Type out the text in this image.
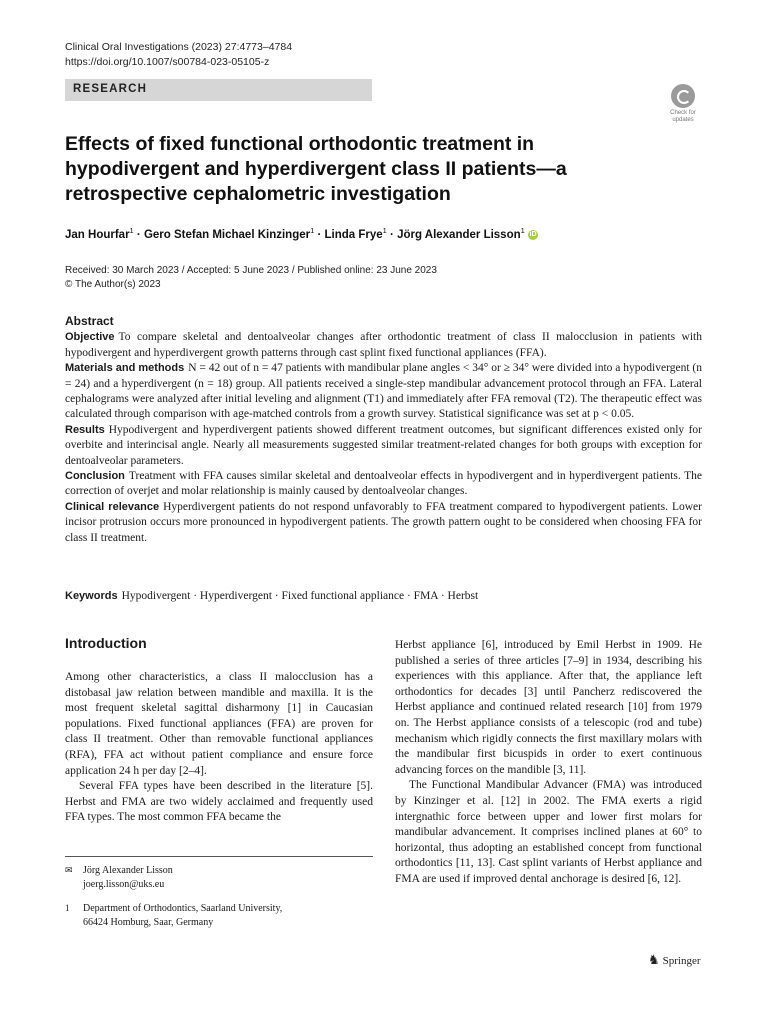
Clinical Oral Investigations (2023) 27:4773–4784
https://doi.org/10.1007/s00784-023-05105-z
RESEARCH
Check for updates
Effects of fixed functional orthodontic treatment in hypodivergent and hyperdivergent class II patients—a retrospective cephalometric investigation
Jan Hourfar$^1$ · Gero Stefan Michael Kinzinger$^1$ · Linda Frye$^1$ · Jörg Alexander Lisson$^1$ iD
Received: 30 March 2023 / Accepted: 5 June 2023 / Published online: 23 June 2023
© The Author(s) 2023
Abstract

Objective To compare skeletal and dentoalveolar changes after orthodontic treatment of class II malocclusion in patients with hypodivergent and hyperdivergent growth patterns through cast splint fixed functional appliances (FFA).

Materials and methods N = 42 out of n = 47 patients with mandibular plane angles < 34° or ≥ 34° were divided into a hypodivergent (n = 24) and a hyperdivergent (n = 18) group. All patients received a single-step mandibular advancement protocol through an FFA. Lateral cephalograms were analyzed after initial leveling and alignment (T1) and immediately after FFA removal (T2). The therapeutic effect was calculated through comparison with age-matched controls from a growth survey. Statistical significance was set at p < 0.05.

Results Hypodivergent and hyperdivergent patients showed different treatment outcomes, but significant differences existed only for overbite and interincisal angle. Nearly all measurements suggested similar treatment-related changes for both groups with exception for dentoalveolar parameters.

Conclusion Treatment with FFA causes similar skeletal and dentoalveolar effects in hypodivergent and in hyperdivergent patients. The correction of overjet and molar relationship is mainly caused by dentoalveolar changes.

Clinical relevance Hyperdivergent patients do not respond unfavorably to FFA treatment compared to hypodivergent patients. Lower incisor protrusion occurs more pronounced in hypodivergent patients. The growth pattern ought to be considered when choosing FFA for class II treatment.

Keywords Hypodivergent · Hyperdivergent · Fixed functional appliance · FMA · Herbst
Introduction

Among other characteristics, a class II malocclusion has a distobasal jaw relation between mandible and maxilla. It is the most frequent skeletal sagittal disharmony [1] in Caucasian populations. Fixed functional appliances (FFA) are proven for class II treatment. Other than removable functional appliances (RFA), FFA act without patient compliance and ensure force application 24 h per day [2–4].

Several FFA types have been described in the literature [5]. Herbst and FMA are two widely acclaimed and frequently used FFA types. The most common FFA became the

Herbst appliance [6], introduced by Emil Herbst in 1909. He published a series of three articles [7–9] in 1934, describing his experiences with this appliance. After that, the appliance left orthodontics for decades [3] until Pancherz rediscovered the Herbst appliance and continued related research [10] from 1979 on. The Herbst appliance consists of a telescopic (rod and tube) mechanism which rigidly connects the first maxillary molars with the mandibular first bicuspids in order to exert continuous advancing forces on the mandible [3, 11].

The Functional Mandibular Advancer (FMA) was introduced by Kinzinger et al. [12] in 2002. The FMA exerts a rigid intergnathic force between upper and lower first molars for mandibular advancement. It comprises inclined planes at 60° to horizontal, thus adopting an established concept from functional orthodontics [11, 13]. Cast splint variants of Herbst appliance and FMA are used if improved dental anchorage is desired [6, 12].

✉ Jörg Alexander Lisson
joerg.lisson@uks.eu
1 Department of Orthodontics, Saarland University,
66424 Homburg, Saar, Germany
♞ Springer
